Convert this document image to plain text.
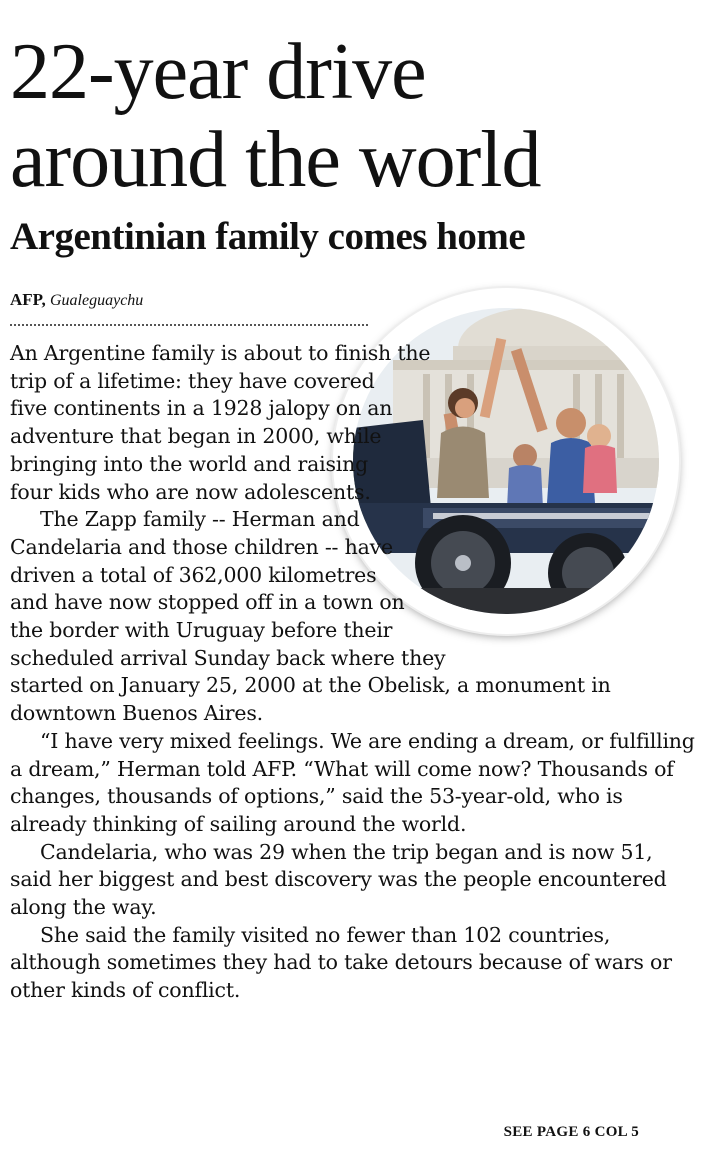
22-year drive
around the world
Argentinian family comes home
AFP, Gualeguaychu

An Argentine family is about to finish the trip of a lifetime: they have covered five continents in a 1928 jalopy on an adventure that began in 2000, while bringing into the world and raising four kids who are now adolescents.

The Zapp family -- Herman and Candelaria and those children -- have driven a total of 362,000 kilometres and have now stopped off in a town on the border with Uruguay before their scheduled arrival Sunday back where they started on January 25, 2000 at the Obelisk, a monument in downtown Buenos Aires.

“I have very mixed feelings. We are ending a dream, or fulfilling a dream,” Herman told AFP. “What will come now? Thousands of changes, thousands of options,” said the 53-year-old, who is already thinking of sailing around the world.

Candelaria, who was 29 when the trip began and is now 51, said her biggest and best discovery was the people encountered along the way.

She said the family visited no fewer than 102 countries, although sometimes they had to take detours because of wars or other kinds of conflict.

SEE PAGE 6 COL 5
